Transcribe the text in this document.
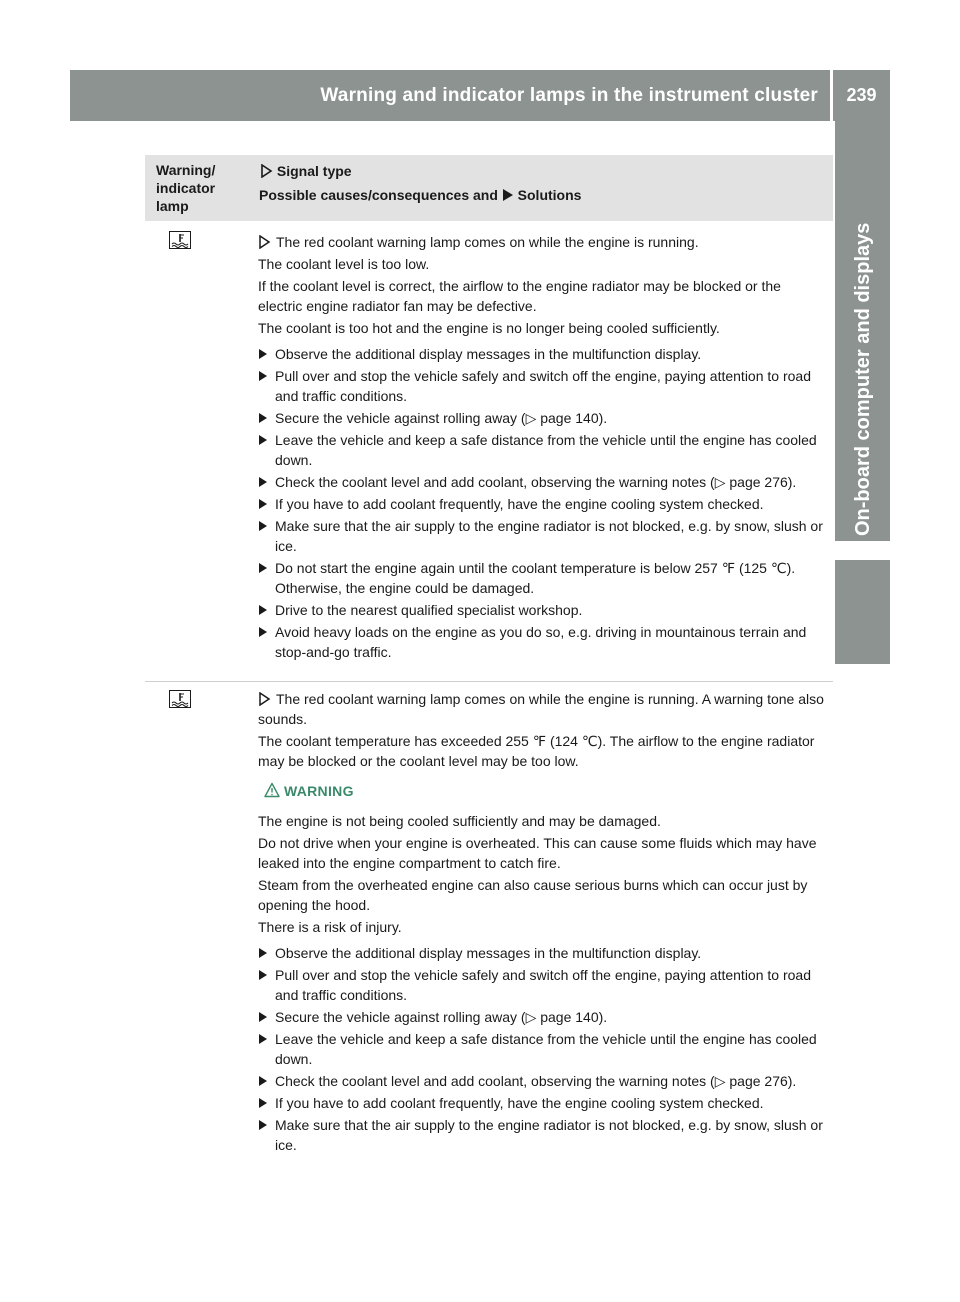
Warning and indicator lamps in the instrument cluster	239
On-board computer and displays
Warning/ indicator lamp
Signal type
Possible causes/consequences and Solutions

The red coolant warning lamp comes on while the engine is running.

The coolant level is too low.

If the coolant level is correct, the airflow to the engine radiator may be blocked or the electric engine radiator fan may be defective.

The coolant is too hot and the engine is no longer being cooled sufficiently.

Observe the additional display messages in the multifunction display.
Pull over and stop the vehicle safely and switch off the engine, paying attention to road and traffic conditions.
Secure the vehicle against rolling away (▷ page 140).
Leave the vehicle and keep a safe distance from the vehicle until the engine has cooled down.
Check the coolant level and add coolant, observing the warning notes (▷ page 276).
If you have to add coolant frequently, have the engine cooling system checked.
Make sure that the air supply to the engine radiator is not blocked, e.g. by snow, slush or ice.
Do not start the engine again until the coolant temperature is below 257 ℉ (125 ℃). Otherwise, the engine could be damaged.
Drive to the nearest qualified specialist workshop.
Avoid heavy loads on the engine as you do so, e.g. driving in mountainous terrain and stop-and-go traffic.

The red coolant warning lamp comes on while the engine is running. A warning tone also sounds.

The coolant temperature has exceeded 255 ℉ (124 ℃). The airflow to the engine radiator may be blocked or the coolant level may be too low.

WARNING

The engine is not being cooled sufficiently and may be damaged.

Do not drive when your engine is overheated. This can cause some fluids which may have leaked into the engine compartment to catch fire.

Steam from the overheated engine can also cause serious burns which can occur just by opening the hood.

There is a risk of injury.

Observe the additional display messages in the multifunction display.
Pull over and stop the vehicle safely and switch off the engine, paying attention to road and traffic conditions.
Secure the vehicle against rolling away (▷ page 140).
Leave the vehicle and keep a safe distance from the vehicle until the engine has cooled down.
Check the coolant level and add coolant, observing the warning notes (▷ page 276).
If you have to add coolant frequently, have the engine cooling system checked.
Make sure that the air supply to the engine radiator is not blocked, e.g. by snow, slush or ice.
